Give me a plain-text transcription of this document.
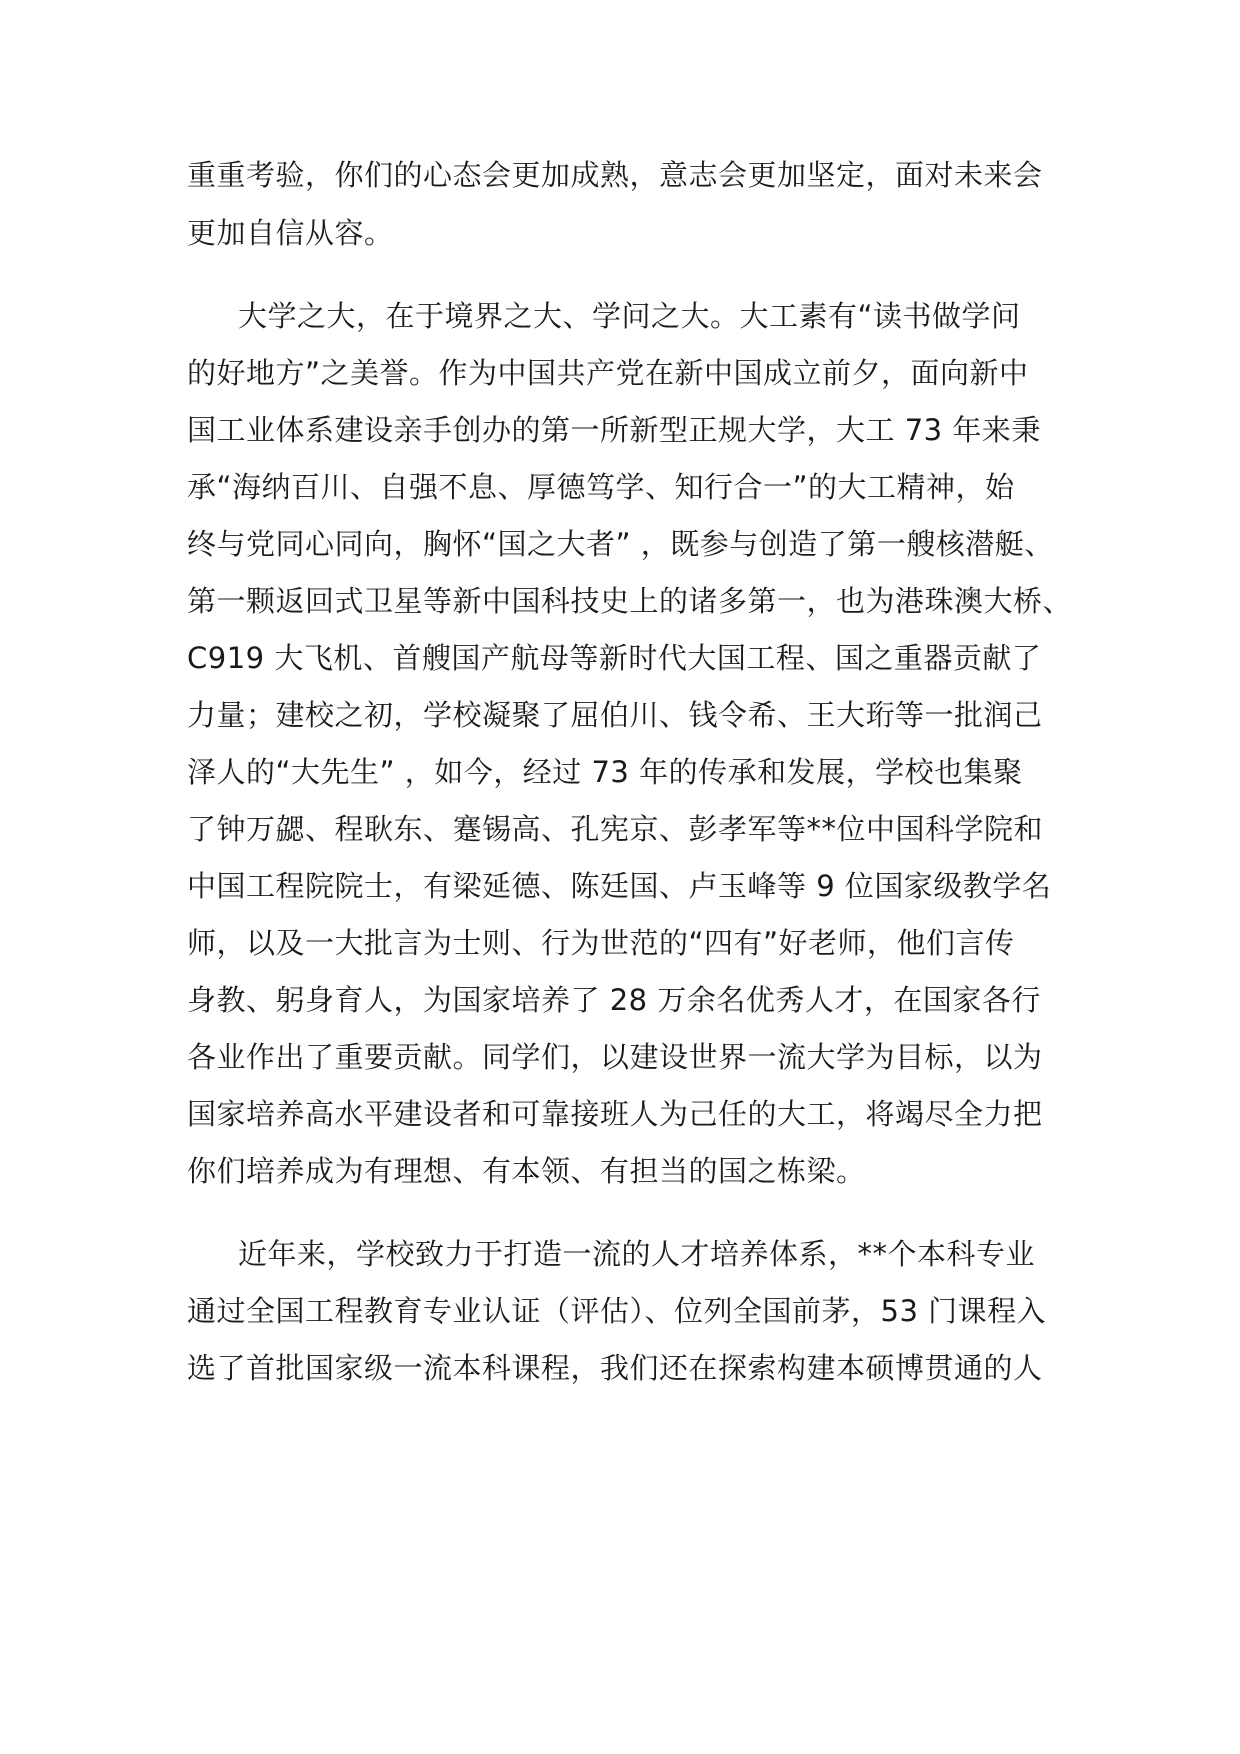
重重考验，你们的心态会更加成熟，意志会更加坚定，面对未来会
更加自信从容。
大学之大，在于境界之大、学问之大。大工素有“读书做学问
的好地方”之美誉。作为中国共产党在新中国成立前夕，面向新中
国工业体系建设亲手创办的第一所新型正规大学，大工 73 年来秉
承“海纳百川、自强不息、厚德笃学、知行合一”的大工精神，始
终与党同心同向，胸怀“国之大者” ，既参与创造了第一艘核潜艇、
第一颗返回式卫星等新中国科技史上的诸多第一，也为港珠澳大桥、
C919 大飞机、首艘国产航母等新时代大国工程、国之重器贡献了
力量；建校之初，学校凝聚了屈伯川、钱令希、王大珩等一批润己
泽人的“大先生” ，如今，经过 73 年的传承和发展，学校也集聚
了钟万勰、程耿东、蹇锡高、孔宪京、彭孝军等**位中国科学院和
中国工程院院士，有梁延德、陈廷国、卢玉峰等 9 位国家级教学名
师，以及一大批言为士则、行为世范的“四有”好老师，他们言传
身教、躬身育人，为国家培养了 28 万余名优秀人才，在国家各行
各业作出了重要贡献。同学们，以建设世界一流大学为目标，以为
国家培养高水平建设者和可靠接班人为己任的大工，将竭尽全力把
你们培养成为有理想、有本领、有担当的国之栋梁。
近年来，学校致力于打造一流的人才培养体系，**个本科专业
通过全国工程教育专业认证（评估）、位列全国前茅，53 门课程入
选了首批国家级一流本科课程，我们还在探索构建本硕博贯通的人
